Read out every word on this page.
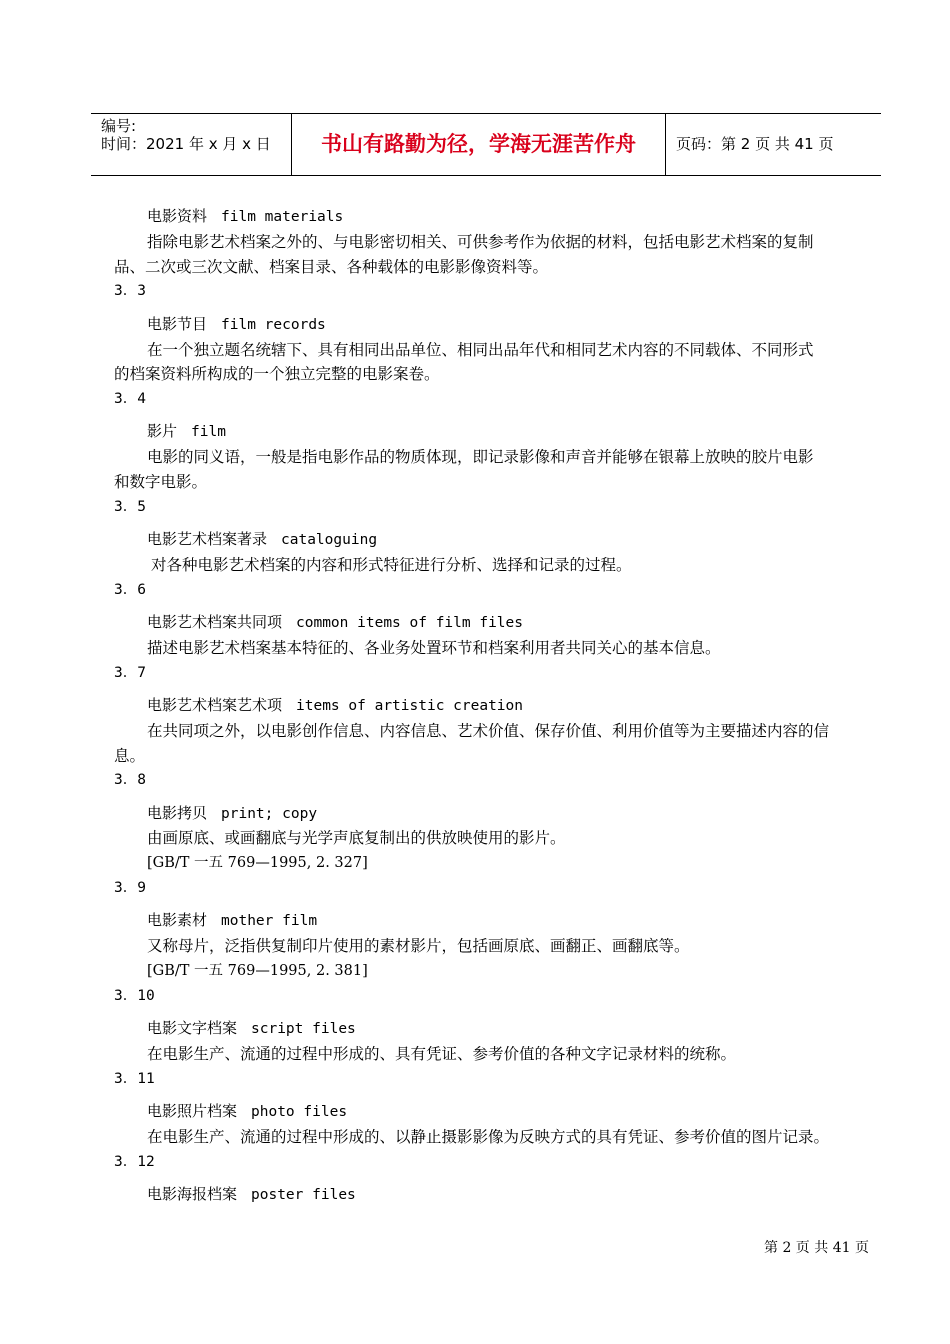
编号:
时间：2021 年 x 月 x 日	书山有路勤为径，学海无涯苦作舟	页码：第 2 页 共 41 页
电影资料 film materials
指除电影艺术档案之外的、与电影密切相关、可供参考作为依据的材料，包括电影艺术档案的复制
品、二次或三次文献、档案目录、各种载体的电影影像资料等。
3．3
电影节目 film records
在一个独立题名统辖下、具有相同出品单位、相同出品年代和相同艺术内容的不同载体、不同形式
的档案资料所构成的一个独立完整的电影案卷。
3．4
影片 film
电影的同义语，一般是指电影作品的物质体现，即记录影像和声音并能够在银幕上放映的胶片电影
和数字电影。
3．5
电影艺术档案著录 cataloguing
对各种电影艺术档案的内容和形式特征进行分析、选择和记录的过程。
3．6
电影艺术档案共同项 common items of film files
描述电影艺术档案基本特征的、各业务处置环节和档案利用者共同关心的基本信息。
3．7
电影艺术档案艺术项 items of artistic creation
在共同项之外，以电影创作信息、内容信息、艺术价值、保存价值、利用价值等为主要描述内容的信
息。
3．8
电影拷贝 print; copy
由画原底、或画翻底与光学声底复制出的供放映使用的影片。
[GB/T 一五 769—1995, 2. 327]
3．9
电影素材 mother film
又称母片，泛指供复制印片使用的素材影片，包括画原底、画翻正、画翻底等。
[GB/T 一五 769—1995, 2. 381]
3．10
电影文字档案 script files
在电影生产、流通的过程中形成的、具有凭证、参考价值的各种文字记录材料的统称。
3．11
电影照片档案 photo files
在电影生产、流通的过程中形成的、以静止摄影影像为反映方式的具有凭证、参考价值的图片记录。
3．12
电影海报档案 poster files
第 2 页 共 41 页
